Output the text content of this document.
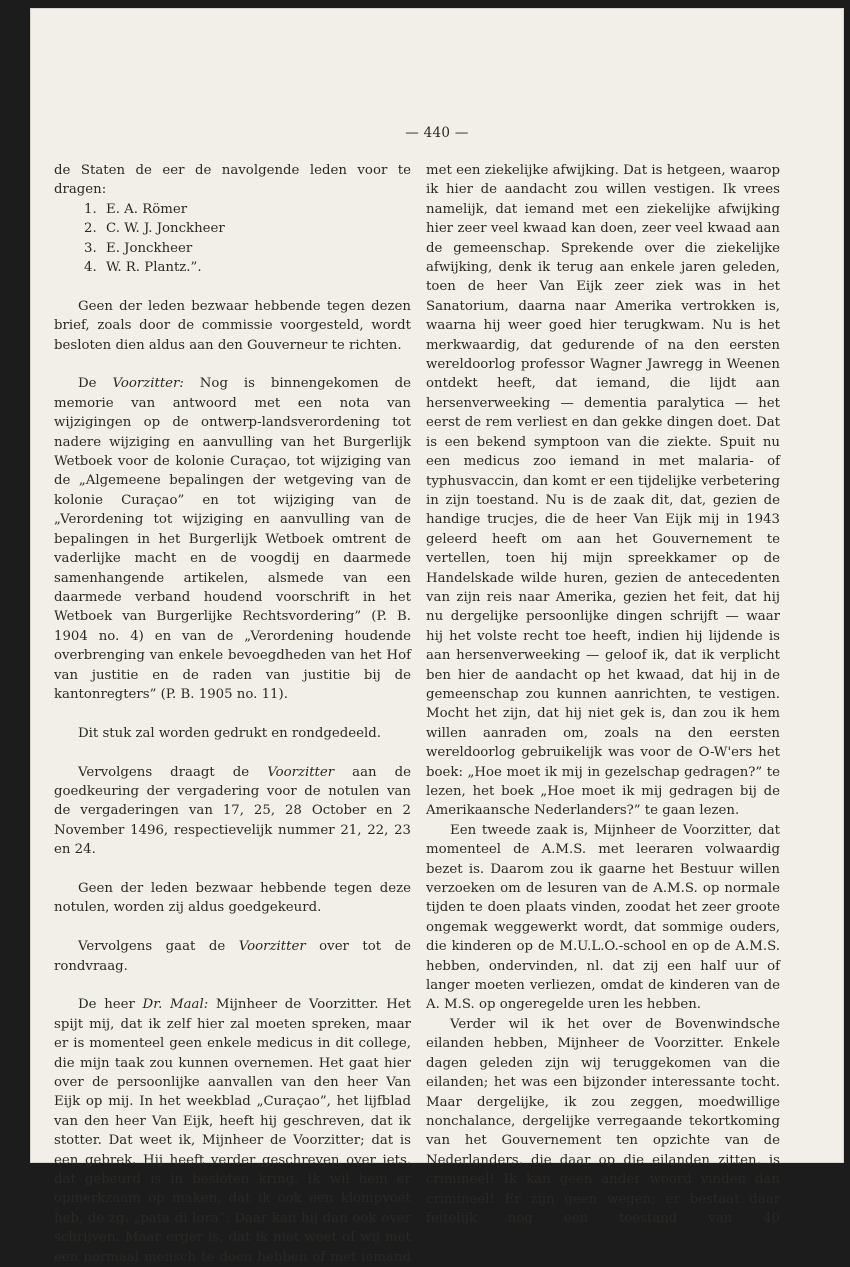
— 440 —

de Staten de eer de navolgende leden voor te dragen:

1. E. A. Römer
2. C. W. J. Jonckheer
3. E. Jonckheer
4. W. R. Plantz.”.

Geen der leden bezwaar hebbende tegen dezen brief, zoals door de commissie voorgesteld, wordt besloten dien aldus aan den Gouverneur te richten.

De Voorzitter: Nog is binnengekomen de memorie van antwoord met een nota van wijzigingen op de ontwerp-landsverordening tot nadere wijziging en aanvulling van het Burgerlijk Wetboek voor de kolonie Curaçao, tot wijziging van de „Algemeene bepalingen der wetgeving van de kolonie Curaçao” en tot wijziging van de „Verordening tot wijziging en aanvulling van de bepalingen in het Burgerlijk Wetboek omtrent de vaderlijke macht en de voogdij en daarmede samenhangende artikelen, alsmede van een daarmede verband houdend voorschrift in het Wetboek van Burgerlijke Rechtsvordering” (P. B. 1904 no. 4) en van de „Verordening houdende overbrenging van enkele bevoegdheden van het Hof van justitie en de raden van justitie bij de kantonregters” (P. B. 1905 no. 11).

Dit stuk zal worden gedrukt en rondgedeeld.

Vervolgens draagt de Voorzitter aan de goedkeuring der vergadering voor de notulen van de vergaderingen van 17, 25, 28 October en 2 November 1496, respectievelijk nummer 21, 22, 23 en 24.

Geen der leden bezwaar hebbende tegen deze notulen, worden zij aldus goedgekeurd.

Vervolgens gaat de Voorzitter over tot de rondvraag.

De heer Dr. Maal: Mijnheer de Voorzitter. Het spijt mij, dat ik zelf hier zal moeten spreken, maar er is momenteel geen enkele medicus in dit college, die mijn taak zou kunnen overnemen. Het gaat hier over de persoonlijke aanvallen van den heer Van Eijk op mij. In het weekblad „Curaçao”, het lijfblad van den heer Van Eijk, heeft hij geschreven, dat ik stotter. Dat weet ik, Mijnheer de Voorzitter; dat is een gebrek. Hij heeft verder geschreven over iets, dat gebeurd is in besloten kring. Ik wil hem er opmerkzaam op maken, dat ik ook een klompvoet heb, de zg. „pata di lora”. Daar kan hij dan ook over schrijven. Maar erger is, dat ik niet weet of wij met een normaal mensch te doen hebben of met iemand

met een ziekelijke afwijking. Dat is hetgeen, waarop ik hier de aandacht zou willen vestigen. Ik vrees namelijk, dat iemand met een ziekelijke afwijking hier zeer veel kwaad kan doen, zeer veel kwaad aan de gemeenschap. Sprekende over die ziekelijke afwijking, denk ik terug aan enkele jaren geleden, toen de heer Van Eijk zeer ziek was in het Sanatorium, daarna naar Amerika vertrokken is, waarna hij weer goed hier terugkwam. Nu is het merkwaardig, dat gedurende of na den eersten wereldoorlog professor Wagner Jawregg in Weenen ontdekt heeft, dat iemand, die lijdt aan hersenverweeking — dementia paralytica — het eerst de rem verliest en dan gekke dingen doet. Dat is een bekend symptoon van die ziekte. Spuit nu een medicus zoo iemand in met malaria- of typhusvaccin, dan komt er een tijdelijke verbetering in zijn toestand. Nu is de zaak dit, dat, gezien de handige trucjes, die de heer Van Eijk mij in 1943 geleerd heeft om aan het Gouvernement te vertellen, toen hij mijn spreekkamer op de Handelskade wilde huren, gezien de antecedenten van zijn reis naar Amerika, gezien het feit, dat hij nu dergelijke persoonlijke dingen schrijft — waar hij het volste recht toe heeft, indien hij lijdende is aan hersenverweeking — geloof ik, dat ik verplicht ben hier de aandacht op het kwaad, dat hij in de gemeenschap zou kunnen aanrichten, te vestigen. Mocht het zijn, dat hij niet gek is, dan zou ik hem willen aanraden om, zoals na den eersten wereldoorlog gebruikelijk was voor de O-W'ers het boek: „Hoe moet ik mij in gezelschap gedragen?” te lezen, het boek „Hoe moet ik mij gedragen bij de Amerikaansche Nederlanders?” te gaan lezen.

Een tweede zaak is, Mijnheer de Voorzitter, dat momenteel de A.M.S. met leeraren volwaardig bezet is. Daarom zou ik gaarne het Bestuur willen verzoeken om de lesuren van de A.M.S. op normale tijden te doen plaats vinden, zoodat het zeer groote ongemak weggewerkt wordt, dat sommige ouders, die kinderen op de M.U.L.O.-school en op de A.M.S. hebben, ondervinden, nl. dat zij een half uur of langer moeten verliezen, omdat de kinderen van de A. M.S. op ongeregelde uren les hebben.

Verder wil ik het over de Bovenwindsche eilanden hebben, Mijnheer de Voorzitter. Enkele dagen geleden zijn wij teruggekomen van die eilanden; het was een bijzonder interessante tocht. Maar dergelijke, ik zou zeggen, moedwillige nonchalance, dergelijke verregaande tekortkoming van het Gouvernement ten opzichte van de Nederlanders, die daar op die eilanden zitten, is crimineel! Ik kan geen ander woord vinden dan crimineel! Er zijn geen wegen; er bestaat daar feitelijk nog een toestand van 40
